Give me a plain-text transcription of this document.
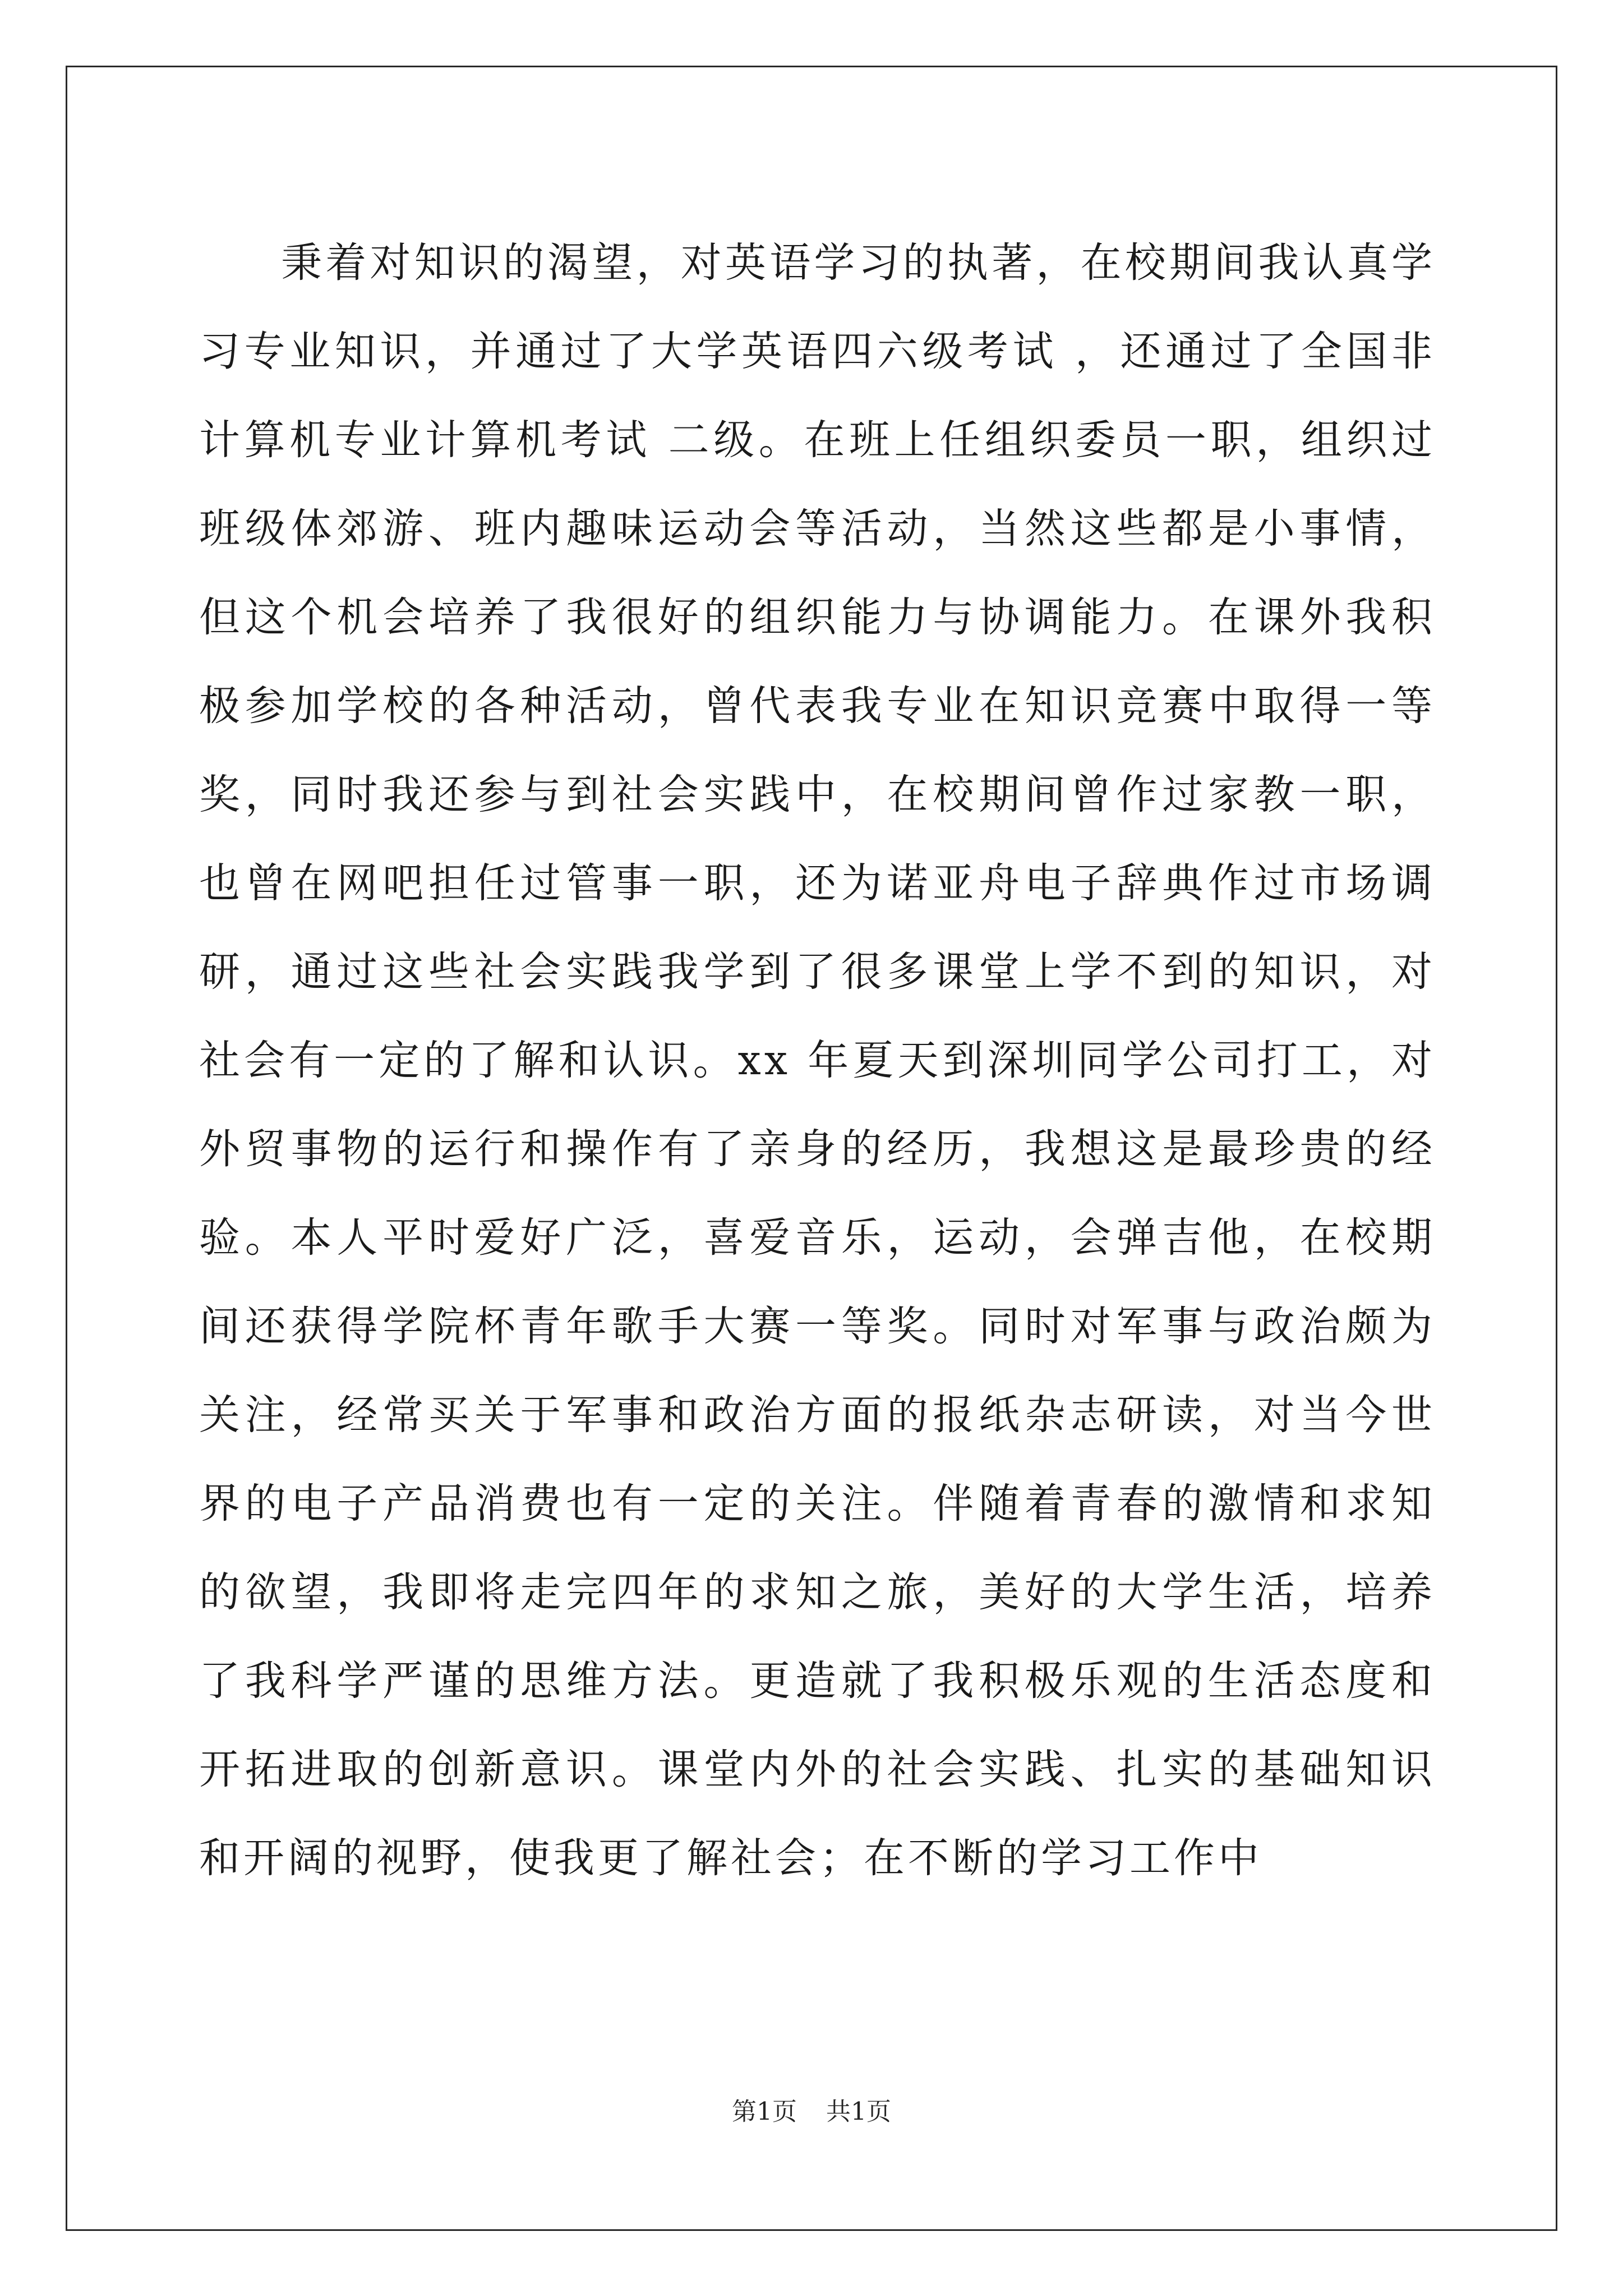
秉着对知识的渴望，对英语学习的执著，在校期间我认真学习专业知识，并通过了大学英语四六级考试 ，还通过了全国非计算机专业计算机考试 二级。在班上任组织委员一职，组织过班级体郊游、班内趣味运动会等活动，当然这些都是小事情，但这个机会培养了我很好的组织能力与协调能力。在课外我积极参加学校的各种活动，曾代表我专业在知识竞赛中取得一等奖，同时我还参与到社会实践中，在校期间曾作过家教一职，也曾在网吧担任过管事一职，还为诺亚舟电子辞典作过市场调研，通过这些社会实践我学到了很多课堂上学不到的知识，对社会有一定的了解和认识。xx 年夏天到深圳同学公司打工，对外贸事物的运行和操作有了亲身的经历，我想这是最珍贵的经验。本人平时爱好广泛，喜爱音乐，运动，会弹吉他，在校期间还获得学院杯青年歌手大赛一等奖。同时对军事与政治颇为关注，经常买关于军事和政治方面的报纸杂志研读，对当今世界的电子产品消费也有一定的关注。伴随着青春的激情和求知的欲望，我即将走完四年的求知之旅，美好的大学生活，培养了我科学严谨的思维方法。更造就了我积极乐观的生活态度和开拓进取的创新意识。课堂内外的社会实践、扎实的基础知识和开阔的视野，使我更了解社会；在不断的学习工作中

第1页 共1页
